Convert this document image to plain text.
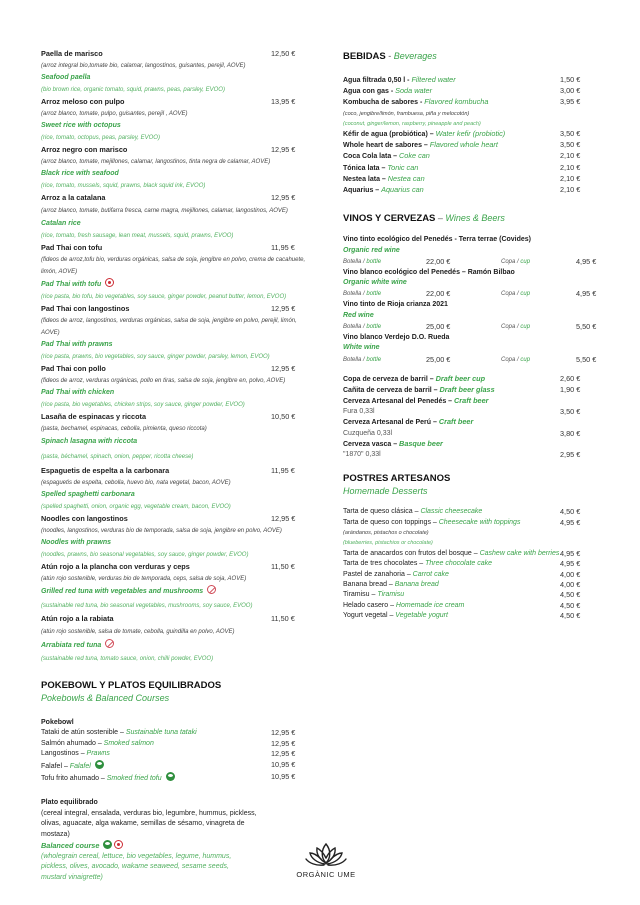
Paella de marisco	12,50 €
(arroz integral bio,tomate bio, calamar, langostinos, guisantes, perejil, AOVE)
Seafood paella
(bio brown rice, organic tomato, squid, prawns, peas, parsley, EVOO)
Arroz meloso con pulpo	13,95 €
(arroz blanco, tomate, pulpo, guisantes, perejil , AOVE)
Sweet rice with octopus
(rice, tomato, octopus, peas, parsley, EVOO)
Arroz negro con marisco	12,95 €
(arroz blanco, tomate, mejillones, calamar, langostinos, tinta negra de calamar, AOVE)
Black rice with seafood
(rice, tomato, mussels, squid, prawns, black squid ink, EVOO)
Arroz a la catalana	12,95 €
(arroz blanco, tomate, butifarra fresca, carne magra, mejillones, calamar, langostinos, AOVE)
Catalan rice
(rice, tomato, fresh sausage, lean meat, mussels, squid, prawns, EVOO)
Pad Thai con tofu	11,95 €
(fideos de arroz,tofu bio, verduras orgánicas, salsa de soja, jengibre en polvo, crema de cacahuete, limón, AOVE)
Pad Thai with tofu
(rice pasta, bio tofu, bio vegetables, soy sauce, ginger powder, peanut butter, lemon, EVOO)
Pad Thai con langostinos	12,95 €
(fideos de arroz, langostinos, verduras orgánicas, salsa de soja, jengibre en polvo, perejil, limón, AOVE)
Pad Thai with prawns
(rice pasta, prawns, bio vegetables, soy sauce, ginger powder, parsley, lemon, EVOO)
Pad Thai con pollo	12,95 €
(fideos de arroz, verduras orgánicas, pollo en tiras, salsa de soja, jengibre en, polvo, AOVE)
Pad Thai with chicken
(rice pasta, bio vegetables, chicken strips, soy sauce, ginger powder, EVOO)
Lasaña de espinacas y riccota	10,50 €
(pasta, bechamel, espinacas, cebolla, pimienta, queso riccota)
Spinach lasagna with riccota
(pasta, béchamel, spinach, onion, pepper, ricotta cheese)
Espaguetis de espelta a la carbonara	11,95 €
(espaguetis de espelta, cebolla, huevo bio, nata vegetal, bacon, AOVE)
Spelled spaghetti carbonara
(spelled spaghetti, onion, organic egg, vegetable cream, bacon, EVOO)
Noodles con langostinos	12,95 €
(noodles, langostinos, verduras bio de temporada, salsa de soja, jengibre en polvo, AOVE)
Noodles with prawns
(noodles, prawns, bio seasonal vegetables, soy sauce, ginger powder, EVOO)
Atún rojo a la plancha con verduras y ceps	11,50 €
(atún rojo sostenible, verduras bio de temporada, ceps, salsa de soja, AOVE)
Grilled red tuna with vegetables and mushrooms
(sustainable red tuna, bio seasonal vegetables, mushrooms, soy sauce, EVOO)
Atún rojo a la rabiata	11,50 €
(atún rojo sostenible, salsa de tomate, cebolla, guindilla en polvo, AOVE)
Arrabiata red tuna
(sustainable red tuna, tomato sauce, onion, chilli powder, EVOO)
POKEBOWL Y PLATOS EQUILIBRADOS
Pokebowls & Balanced Courses
Pokebowl
Tataki de atún sostenible – Sustainable tuna tataki	12,95 €
Salmón ahumado – Smoked salmon	12,95 €
Langostinos – Prawns	12,95 €
Falafel – Falafel	10,95 €
Tofu frito ahumado – Smoked fried tofu	10,95 €
Plato equilibrado
(cereal integral, ensalada, verduras bio, legumbre, hummus, pickless, olivas, aguacate, alga wakame, semillas de sésamo, vinagreta de mostaza)
Balanced course
(wholegrain cereal, lettuce, bio vegetables, legume, hummus, pickless, olives, avocado, wakame seaweed, sesame seeds, mustard vinaigrette)
BEBIDAS - Beverages
Agua filtrada 0,50 l - Filtered water	1,50 €
Agua con gas - Soda water	3,00 €
Kombucha de sabores - Flavored kombucha	3,95 €
(coco, jengibre/limón, frambuesa, piña y melocotón)
(coconut, ginger/lemon, raspberry, pineapple and peach)
Kéfir de agua (probiótica) – Water kefir (probiotic)	3,50 €
Whole heart de sabores – Flavored whole heart	3,50 €
Coca Cola lata – Coke can	2,10 €
Tónica lata – Tonic can	2,10 €
Nestea lata – Nestea can	2,10 €
Aquarius – Aquarius can	2,10 €
VINOS Y CERVEZAS – Wines & Beers
Vino tinto ecológico del Penedés - Terra terrae (Covides)
Organic red wine
Botella / bottle	22,00 €	Copa / cup	4,95 €
Vino blanco ecológico del Penedés – Ramón Bilbao
Organic white wine
Botella / bottle	22,00 €	Copa / cup	4,95 €
Vino tinto de Rioja crianza 2021
Red wine
Botella / bottle	25,00 €	Copa / cup	5,50 €
Vino blanco Verdejo D.O. Rueda
White wine
Botella / bottle	25,00 €	Copa / cup	5,50 €
Copa de cerveza de barril – Draft beer cup	2,60 €
Cañita de cerveza de barril – Draft beer glass	1,90 €
Cerveza Artesanal del Penedés – Craft beer
Fura 0,33l	3,50 €
Cerveza Artesanal de Perú – Craft beer
Cuzqueña 0,33l	3,80 €
Cerveza vasca – Basque beer
"1870" 0,33l	2,95 €
POSTRES ARTESANOS
Homemade Desserts
Tarta de queso clásica – Classic cheesecake	4,50 €
Tarta de queso con toppings – Cheesecake with toppings	4,95 €
(arándanos, pistachos o chocolate)
(blueberries, pistachios or chocolate)
Tarta de anacardos con frutos del bosque – Cashew cake with berries 4,95 €
Tarta de tres chocolates – Three chocolate cake	4,95 €
Pastel de zanahoria – Carrot cake	4,00 €
Banana bread – Banana bread	4,00 €
Tiramisu – Tiramisu	4,50 €
Helado casero – Homemade ice cream	4,50 €
Yogurt vegetal – Vegetable yogurt	4,50 €
ORGÀNIC UME
